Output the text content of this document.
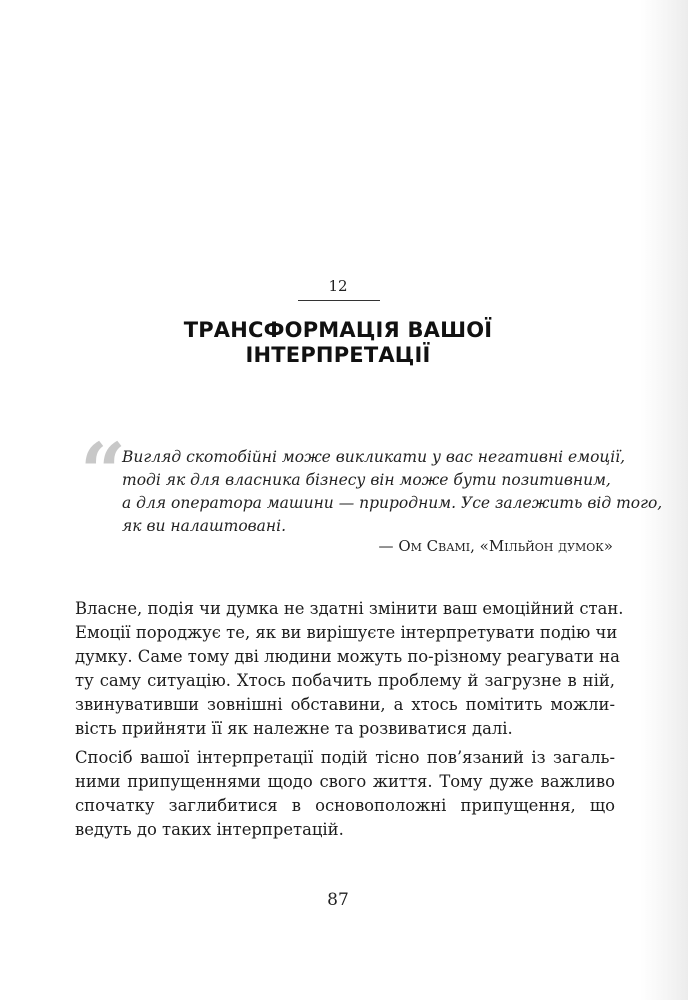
12
ТРАНСФОРМАЦІЯ ВАШОЇ
ІНТЕРПРЕТАЦІЇ
“
Вигляд скотобійні може викликати у вас негативні емоції,
тоді як для власника бізнесу він може бути позитивним,
а для оператора машини — природним. Усе залежить від того,
як ви налаштовані.
— Ом Свамі, «Мільйон думок»
Власне, подія чи думка не здатні змінити ваш емоційний стан.
Емоції породжує те, як ви вирішуєте інтерпретувати подію чи
думку. Саме тому дві людини можуть по-різному реагувати на
ту саму ситуацію. Хтось побачить проблему й загрузне в ній,
звинувативши зовнішні обставини, а хтось помітить можли-
вість прийняти її як належне та розвиватися далі.
Спосіб вашої інтерпретації подій тісно пов’язаний із загаль-
ними припущеннями щодо свого життя. Тому дуже важливо
спочатку заглибитися в основоположні припущення, що
ведуть до таких інтерпретацій.
87
